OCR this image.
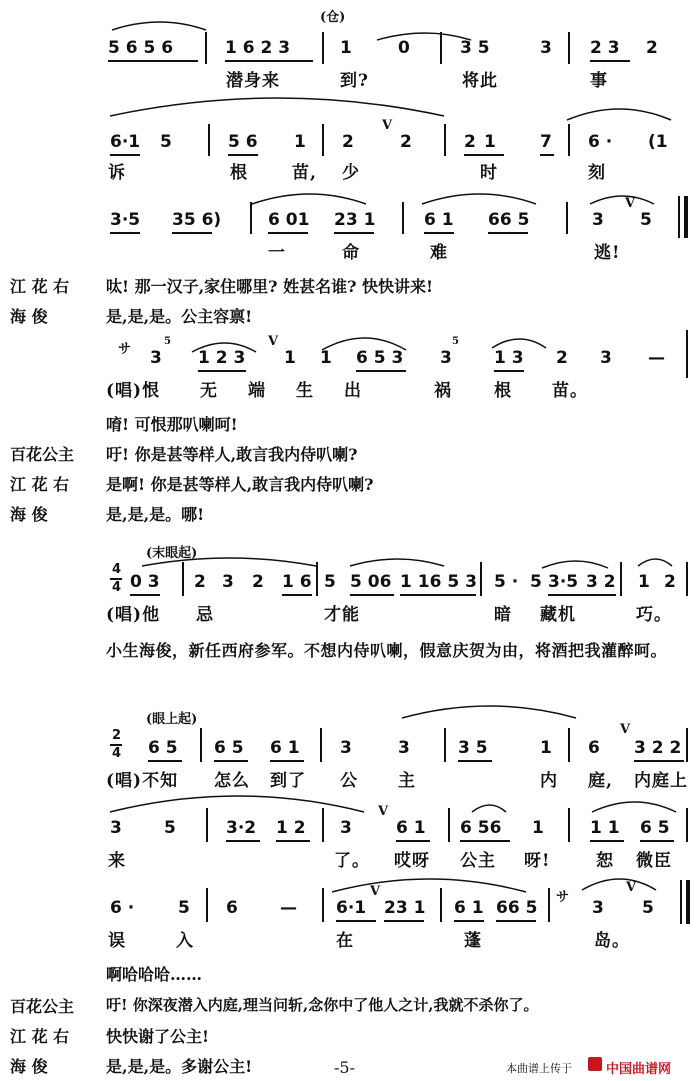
(仓)
5 6 5 6	1 6 2 3	1	0	3 5	3 2 3 2
潜身来	到?	将此	事
6·1 5	5 6 1 2
V
2	2 1	7 6 · (1
诉	根	苗, 少	时	刻
3·5 35 6)	6 01 23 1	6 1 66 5	3
V
5
一	命	难	逃!
江 花 右 呔! 那一汉子,家住哪里? 姓甚名谁? 快快讲来!
海 俊	是,是,是。公主容禀!
サ 3
5
1 2 3
V
1 1 6 5 3 3
5
1 3 2 3 —
(唱)恨 无 端 生 出	祸 根 苗。
唷! 可恨那叭喇呵!
百花公主 吁! 你是甚等样人,敢言我内侍叭喇?
江 花 右 是啊! 你是甚等样人,敢言我内侍叭喇?
海 俊	是,是,是。哪!
(末眼起)
4
4 0 3 2 3 2 1 6 5 5 06 1 16 5 3 5 · 5 3·5 3 2 1 2
(唱)他 忌	才能	暗 藏机	巧。
小生海俊，新任西府参军。不想内侍叭喇，假意庆贺为由，将酒把我灌醉呵。
(眼上起)
2
4 6 5 6 5 6 1 3	3	3 5	1 6
V
3 2 2
(唱)不知 怎么 到了 公 主	内 庭, 内庭上
3 5	3·2 1 2 3
V
6 1 6 56 1	1 1 6 5
来	了。 哎呀 公主 呀!	恕 微臣
6 ·	5 6 — 6·1
V
23 1 6 1 66 5
サ
3
V
5
误	入	在	蓬	岛。
啊哈哈哈……
百花公主 吁! 你深夜潜入内庭,理当问斩,念你中了他人之计,我就不杀你了。
江 花 右 快快谢了公主!
海 俊	是,是,是。多谢公主!	-5-	本曲谱上传于	中国曲谱网
